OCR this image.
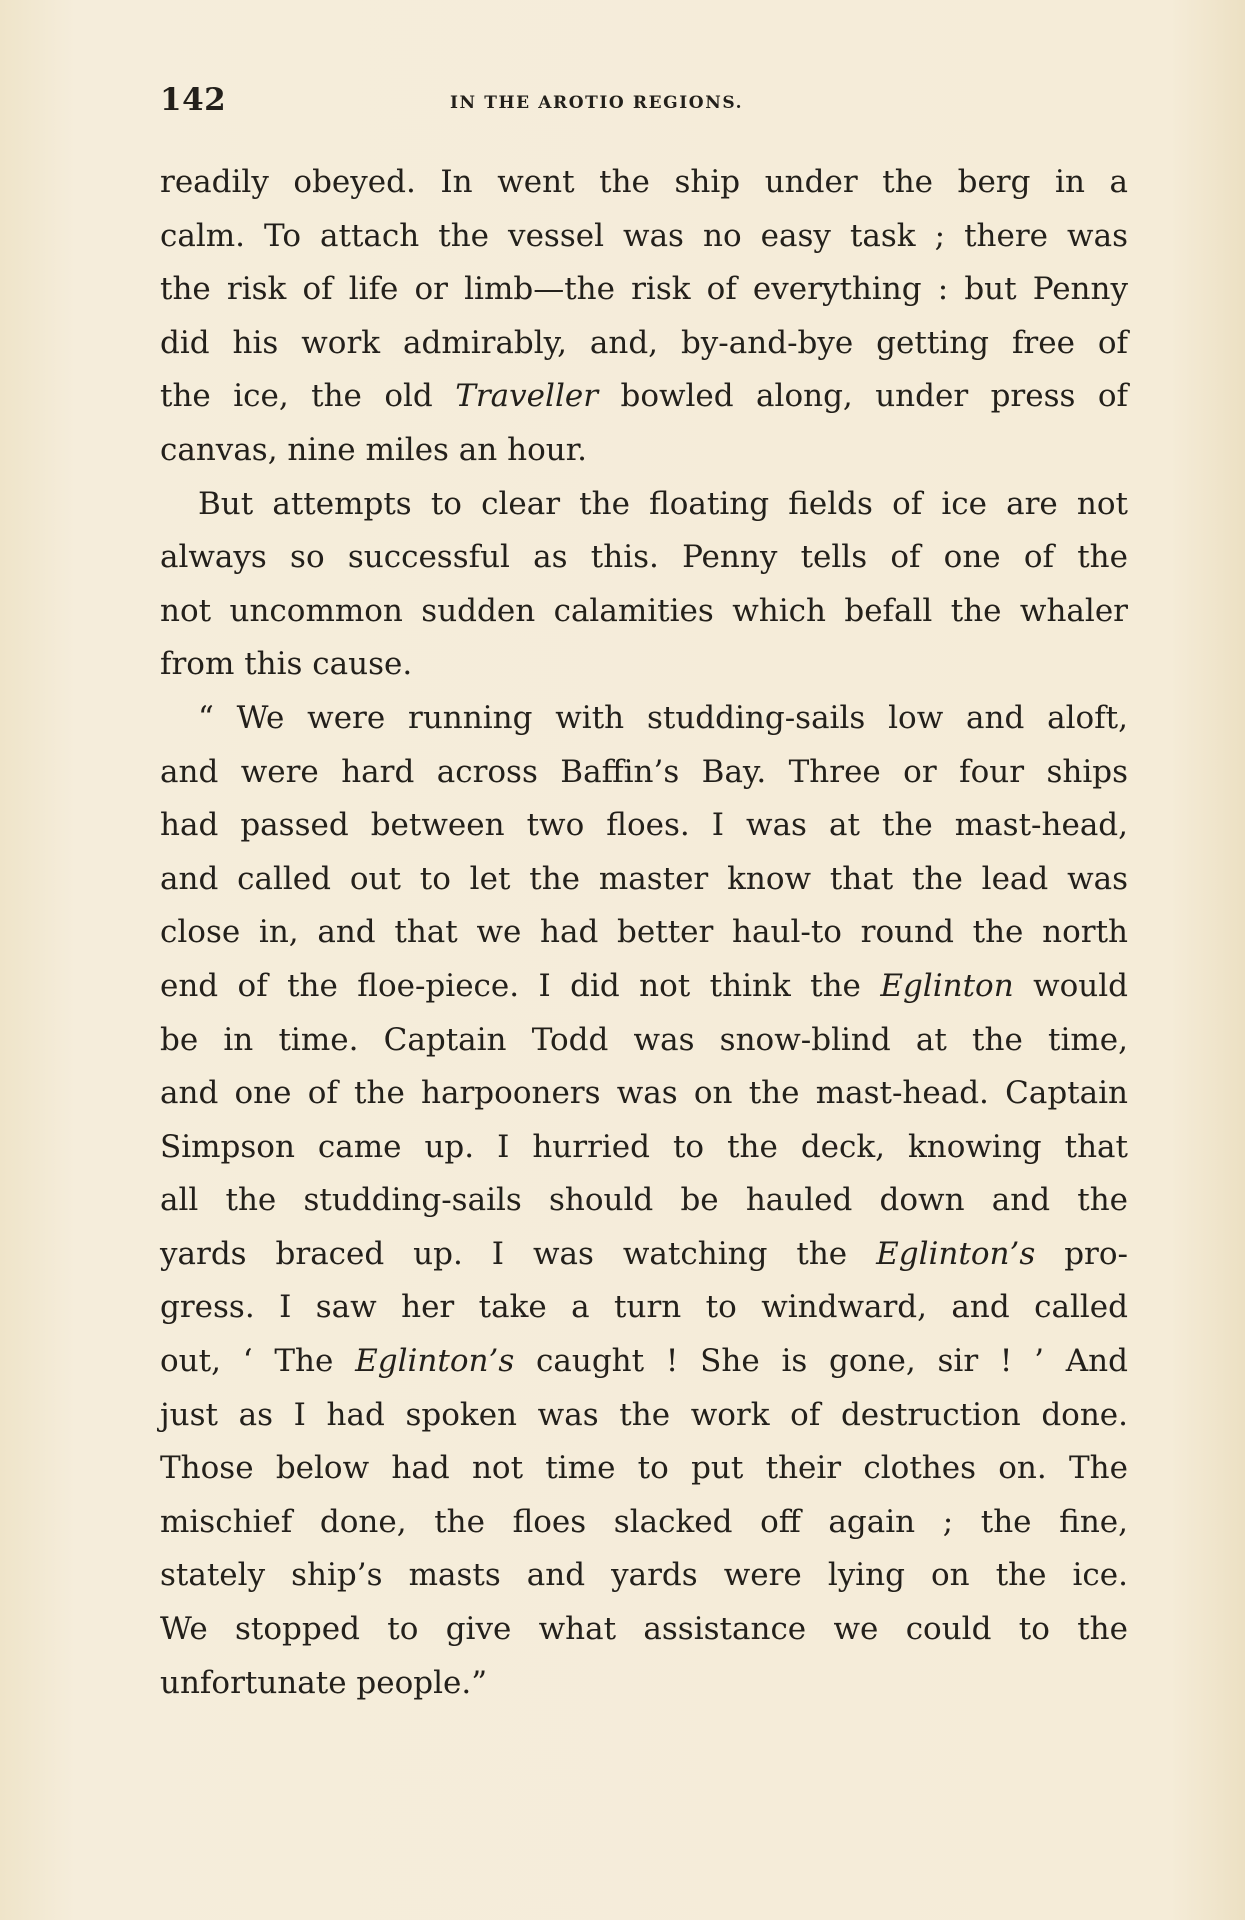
142	IN THE AROTIO REGIONS.
readily obeyed. In went the ship under the berg in a
calm. To attach the vessel was no easy task ; there was
the risk of life or limb—the risk of everything : but Penny
did his work admirably, and, by-and-bye getting free of
the ice, the old Traveller bowled along, under press of
canvas, nine miles an hour.
But attempts to clear the floating fields of ice are not
always so successful as this. Penny tells of one of the
not uncommon sudden calamities which befall the whaler
from this cause.
“ We were running with studding-sails low and aloft,
and were hard across Baffin’s Bay. Three or four ships
had passed between two floes. I was at the mast-head,
and called out to let the master know that the lead was
close in, and that we had better haul-to round the north
end of the floe-piece. I did not think the Eglinton would
be in time. Captain Todd was snow-blind at the time,
and one of the harpooners was on the mast-head. Captain
Simpson came up. I hurried to the deck, knowing that
all the studding-sails should be hauled down and the
yards braced up. I was watching the Eglinton’s pro-
gress. I saw her take a turn to windward, and called
out, ‘ The Eglinton’s caught ! She is gone, sir ! ’ And
just as I had spoken was the work of destruction done.
Those below had not time to put their clothes on. The
mischief done, the floes slacked off again ; the fine,
stately ship’s masts and yards were lying on the ice.
We stopped to give what assistance we could to the
unfortunate people.”
